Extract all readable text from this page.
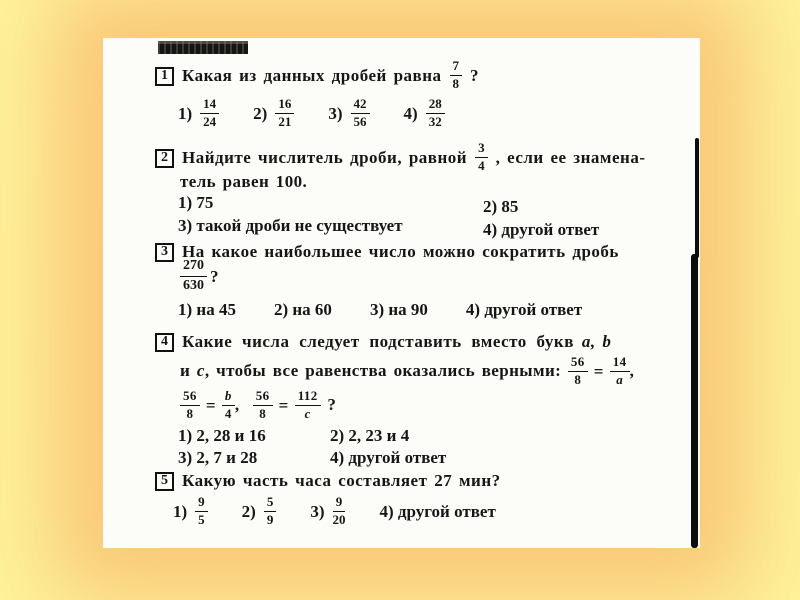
1 Какая из данных дробей равна $\frac{7}{8}$ ?
$1) \frac{14}{24} 2) \frac{16}{21} 3) \frac{42}{56} 4) \frac{28}{32}$
2 Найдите числитель дроби, равной $\frac{3}{4}$ , если ее знамена-
тель равен 100.
1) 75	2) 85
3) такой дроби не существует	4) другой ответ
3 На какое наибольшее число можно сократить дробь
$\frac{270}{630}$ ?
1) на 45 2) на 60 3) на 90 4) другой ответ
4 Какие числа следует подставить вместо букв a, b
и c, чтобы все равенства оказались верными: $\frac{56}{8} = \frac{14}{a}$ ,
$\frac{56}{8} = \frac{b}{4}$ , $\frac{56}{8} = \frac{112}{c}$ ?
1) 2, 28 и 16	2) 2, 23 и 4
3) 2, 7 и 28	4) другой ответ
5 Какую часть часа составляет 27 мин?
$1) \frac{9}{5} 2) \frac{5}{9} 3) \frac{9}{20} 4$) другой ответ
